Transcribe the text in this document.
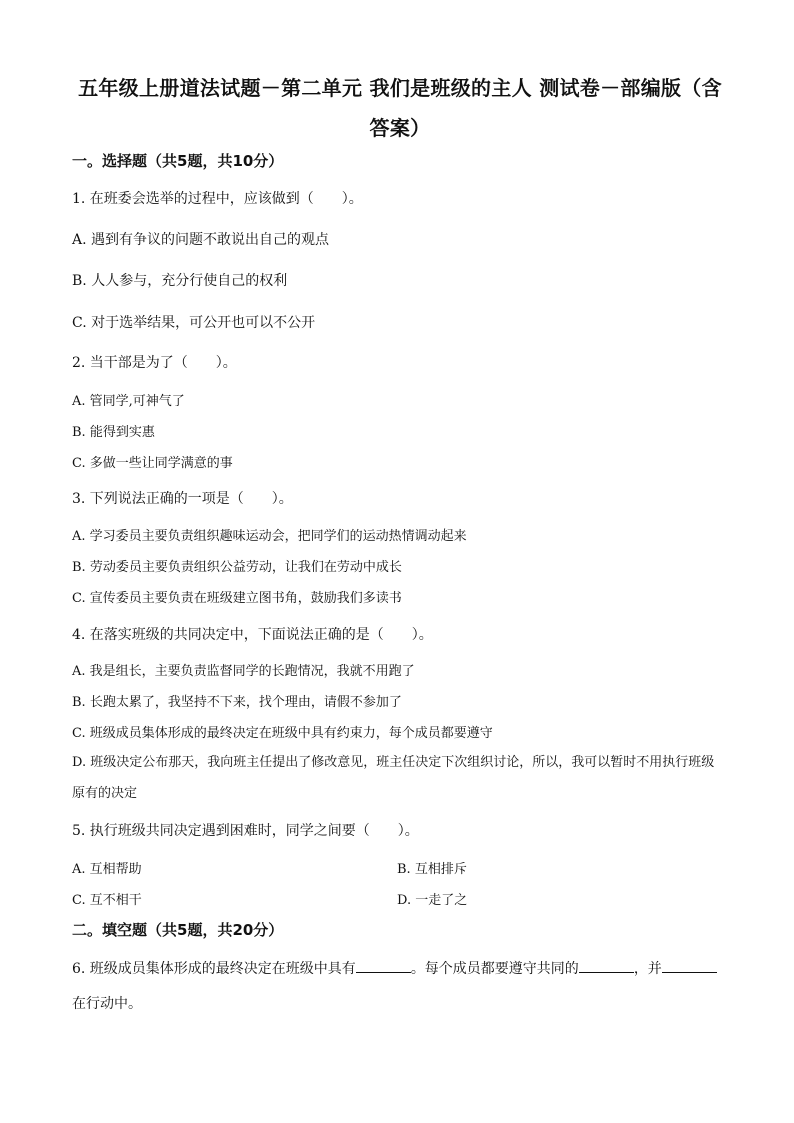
五年级上册道法试题－第二单元 我们是班级的主人 测试卷－部编版（含答案）
一。选择题（共5题，共10分）
1. 在班委会选举的过程中，应该做到（　　）。
A. 遇到有争议的问题不敢说出自己的观点
B. 人人参与，充分行使自己的权利
C. 对于选举结果，可公开也可以不公开
2. 当干部是为了（　　）。
A. 管同学,可神气了
B. 能得到实惠
C. 多做一些让同学满意的事
3. 下列说法正确的一项是（　　）。
A. 学习委员主要负责组织趣味运动会，把同学们的运动热情调动起来
B. 劳动委员主要负责组织公益劳动，让我们在劳动中成长
C. 宣传委员主要负责在班级建立图书角，鼓励我们多读书
4. 在落实班级的共同决定中，下面说法正确的是（　　）。
A. 我是组长，主要负责监督同学的长跑情况，我就不用跑了
B. 长跑太累了，我坚持不下来，找个理由，请假不参加了
C. 班级成员集体形成的最终决定在班级中具有约束力，每个成员都要遵守
D. 班级决定公布那天，我向班主任提出了修改意见，班主任决定下次组织讨论，所以，我可以暂时不用执行班级原有的决定
5. 执行班级共同决定遇到困难时，同学之间要（　　）。
A. 互相帮助	B. 互相排斥
C. 互不相干	D. 一走了之
二。填空题（共5题，共20分）
6. 班级成员集体形成的最终决定在班级中具有	。每个成员都要遵守共同的	，并
在行动中。
